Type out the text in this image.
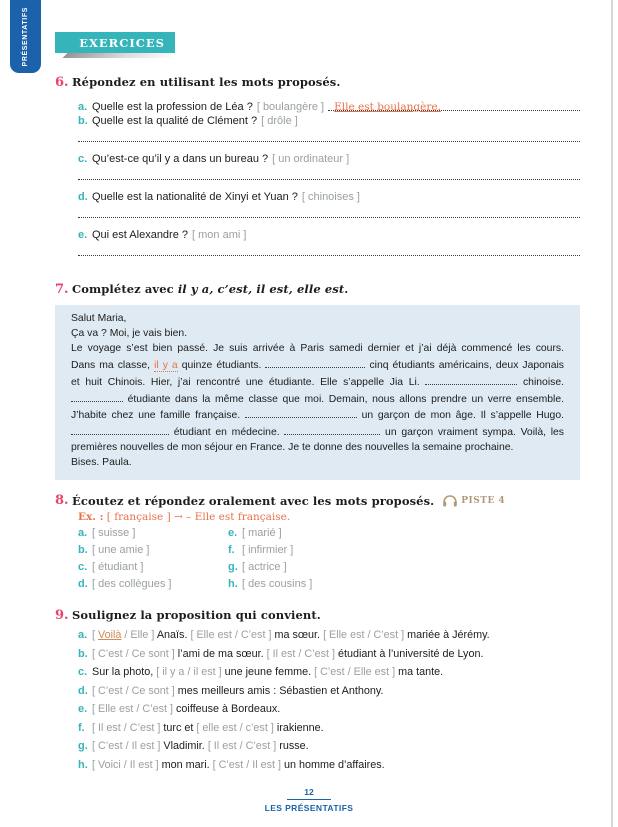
PRÉSENTATIFS	EXERCICES
6. Répondez en utilisant les mots proposés.
a. Quelle est la profession de Léa ? [ boulangère ] Elle est boulangère.
b. Quelle est la qualité de Clément ? [ drôle ]
c. Qu’est-ce qu’il y a dans un bureau ? [ un ordinateur ]
d. Quelle est la nationalité de Xinyi et Yuan ? [ chinoises ]
e. Qui est Alexandre ? [ mon ami ]
7. Complétez avec il y a, c’est, il est, elle est.
Salut Maria,
Ça va ? Moi, je vais bien.
Le voyage s’est bien passé. Je suis arrivée à Paris samedi dernier et j’ai déjà commencé les cours.
Dans ma classe, il y a quinze étudiants.	cinq étudiants américains, deux Japonais
et huit Chinois. Hier, j’ai rencontré une étudiante. Elle s’appelle Jia Li.	chinoise.
étudiante dans la même classe que moi. Demain, nous allons prendre un verre ensemble.
J’habite chez une famille française.	un garçon de mon âge. Il s’appelle Hugo.
étudiant en médecine.	un garçon vraiment sympa. Voilà, les
premières nouvelles de mon séjour en France. Je te donne des nouvelles la semaine prochaine.
Bises. Paula.
8. Écoutez et répondez oralement avec les mots proposés.	PISTE 4
Ex. : [ française ] → – Elle est française.
a. [ suisse ]
b. [ une amie ]
c. [ étudiant ]
d. [ des collègues ]
e. [ marié ]
f. [ infirmier ]
g. [ actrice ]
h. [ des cousins ]
9. Soulignez la proposition qui convient.
a. [ Voilà / Elle ] Anaïs. [ Elle est / C’est ] ma sœur. [ Elle est / C’est ] mariée à Jérémy.
b. [ C’est / Ce sont ] l’ami de ma sœur. [ Il est / C’est ] étudiant à l’université de Lyon.
c. Sur la photo, [ il y a / il est ] une jeune femme. [ C’est / Elle est ] ma tante.
d. [ C’est / Ce sont ] mes meilleurs amis : Sébastien et Anthony.
e. [ Elle est / C’est ] coiffeuse à Bordeaux.
f. [ Il est / C’est ] turc et [ elle est / c’est ] irakienne.
g. [ C’est / Il est ] Vladimir. [ Il est / C’est ] russe.
h. [ Voici / Il est ] mon mari. [ C’est / Il est ] un homme d’affaires.
12
LES PRÉSENTATIFS
